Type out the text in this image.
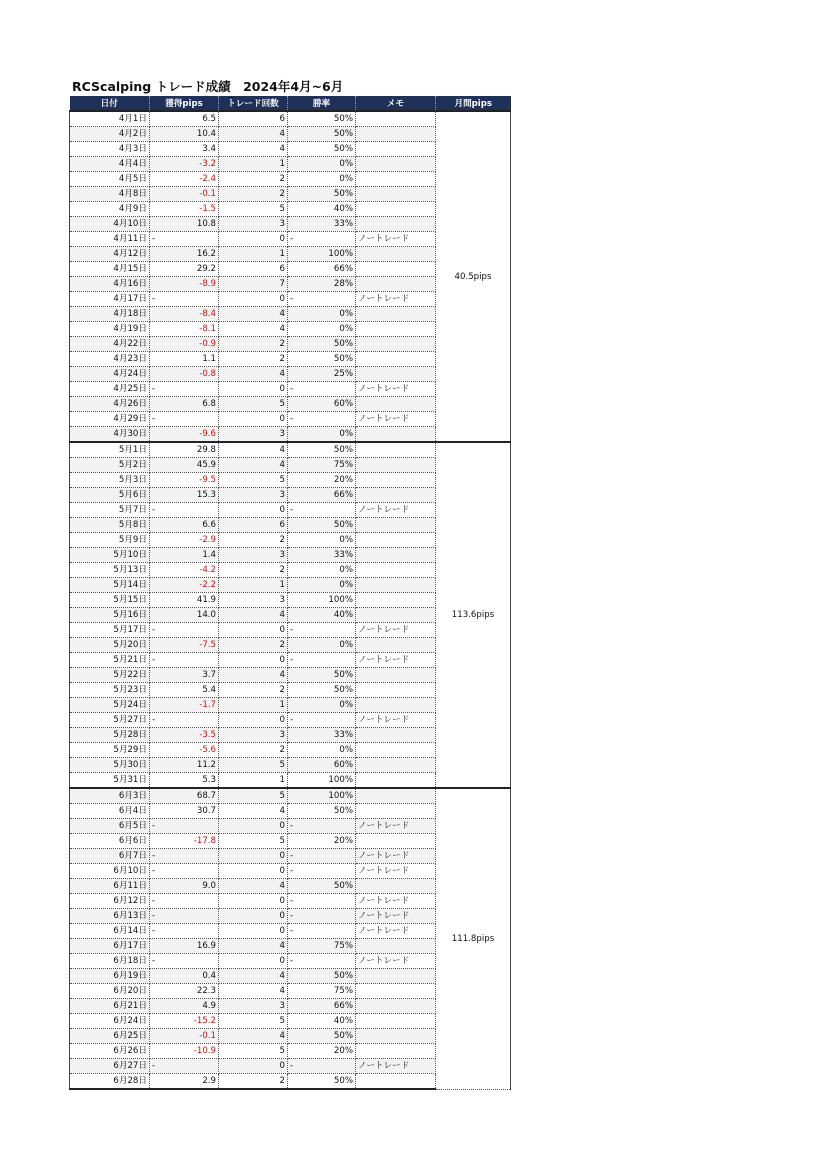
RCScalping トレード成績　2024年4月~6月
日付	獲得pips	トレード回数	勝率	メモ	月間pips
4月1日	6.5	6	50%		40.5pips
4月2日	10.4	4	50%		
4月3日	3.4	4	50%		
4月4日	-3.2	1	0%		
4月5日	-2.4	2	0%		
4月8日	-0.1	2	50%		
4月9日	-1.5	5	40%		
4月10日	10.8	3	33%		
4月11日	-	0	-	ノートレード	
4月12日	16.2	1	100%		
4月15日	29.2	6	66%		
4月16日	-8.9	7	28%		
4月17日	-	0	-	ノートレード	
4月18日	-8.4	4	0%		
4月19日	-8.1	4	0%		
4月22日	-0.9	2	50%		
4月23日	1.1	2	50%		
4月24日	-0.8	4	25%		
4月25日	-	0	-	ノートレード	
4月26日	6.8	5	60%		
4月29日	-	0	-	ノートレード	
4月30日	-9.6	3	0%		
5月1日	29.8	4	50%		113.6pips
5月2日	45.9	4	75%		
5月3日	-9.5	5	20%		
5月6日	15.3	3	66%		
5月7日	-	0	-	ノートレード	
5月8日	6.6	6	50%		
5月9日	-2.9	2	0%		
5月10日	1.4	3	33%		
5月13日	-4.2	2	0%		
5月14日	-2.2	1	0%		
5月15日	41.9	3	100%		
5月16日	14.0	4	40%		
5月17日	-	0	-	ノートレード	
5月20日	-7.5	2	0%		
5月21日	-	0	-	ノートレード	
5月22日	3.7	4	50%		
5月23日	5.4	2	50%		
5月24日	-1.7	1	0%		
5月27日	-	0	-	ノートレード	
5月28日	-3.5	3	33%		
5月29日	-5.6	2	0%		
5月30日	11.2	5	60%		
5月31日	5.3	1	100%		
6月3日	68.7	5	100%		111.8pips
6月4日	30.7	4	50%		
6月5日	-	0	-	ノートレード	
6月6日	-17.8	5	20%		
6月7日	-	0	-	ノートレード	
6月10日	-	0	-	ノートレード	
6月11日	9.0	4	50%		
6月12日	-	0	-	ノートレード	
6月13日	-	0	-	ノートレード	
6月14日	-	0	-	ノートレード	
6月17日	16.9	4	75%		
6月18日	-	0	-	ノートレード	
6月19日	0.4	4	50%		
6月20日	22.3	4	75%		
6月21日	4.9	3	66%		
6月24日	-15.2	5	40%		
6月25日	-0.1	4	50%		
6月26日	-10.9	5	20%		
6月27日	-	0	-	ノートレード	
6月28日	2.9	2	50%		
